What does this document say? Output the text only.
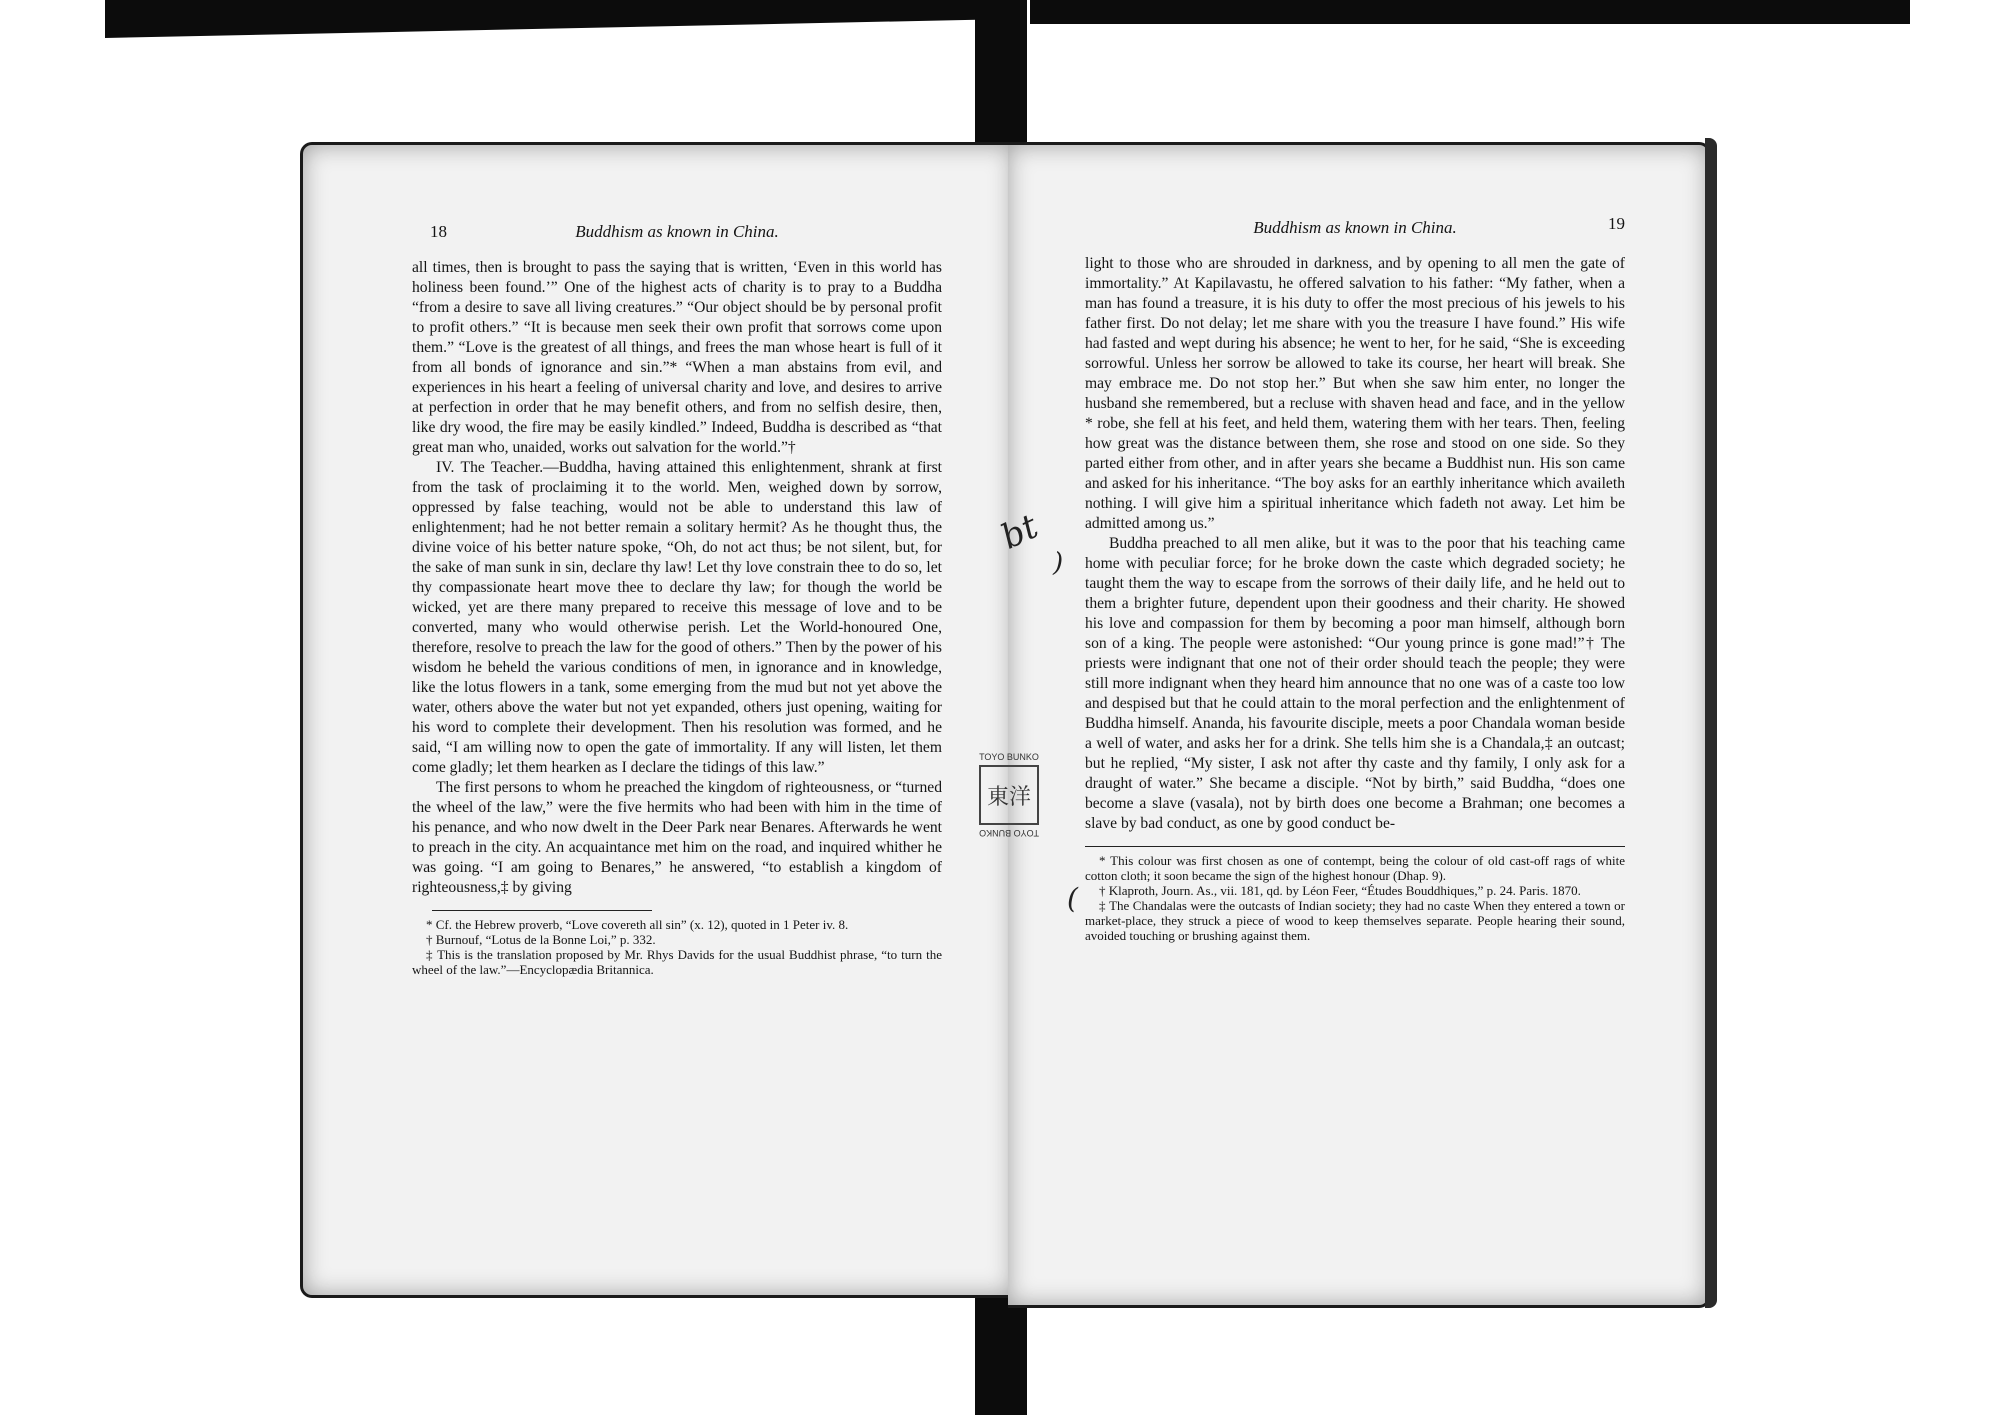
18	Buddhism as known in China.

all times, then is brought to pass the saying that is written, ‘Even in this world has holiness been found.’” One of the highest acts of charity is to pray to a Buddha “from a desire to save all living creatures.” “Our object should be by personal profit to profit others.” “It is because men seek their own profit that sorrows come upon them.” “Love is the greatest of all things, and frees the man whose heart is full of it from all bonds of ignorance and sin.”* “When a man abstains from evil, and experiences in his heart a feeling of universal charity and love, and desires to arrive at perfection in order that he may benefit others, and from no selfish desire, then, like dry wood, the fire may be easily kindled.” Indeed, Buddha is described as “that great man who, unaided, works out salvation for the world.”†

IV. The Teacher.—Buddha, having attained this enlightenment, shrank at first from the task of proclaiming it to the world. Men, weighed down by sorrow, oppressed by false teaching, would not be able to understand this law of enlightenment; had he not better remain a solitary hermit? As he thought thus, the divine voice of his better nature spoke, “Oh, do not act thus; be not silent, but, for the sake of man sunk in sin, declare thy law! Let thy love constrain thee to do so, let thy compassionate heart move thee to declare thy law; for though the world be wicked, yet are there many prepared to receive this message of love and to be converted, many who would otherwise perish. Let the World-honoured One, therefore, resolve to preach the law for the good of others.” Then by the power of his wisdom he beheld the various conditions of men, in ignorance and in knowledge, like the lotus flowers in a tank, some emerging from the mud but not yet above the water, others above the water but not yet expanded, others just opening, waiting for his word to complete their development. Then his resolution was formed, and he said, “I am willing now to open the gate of immortality. If any will listen, let them come gladly; let them hearken as I declare the tidings of this law.”

The first persons to whom he preached the kingdom of righteousness, or “turned the wheel of the law,” were the five hermits who had been with him in the time of his penance, and who now dwelt in the Deer Park near Benares. Afterwards he went to preach in the city. An acquaintance met him on the road, and inquired whither he was going. “I am going to Benares,” he answered, “to establish a kingdom of righteousness,‡ by giving

* Cf. the Hebrew proverb, “Love covereth all sin” (x. 12), quoted in 1 Peter iv. 8.

† Burnouf, “Lotus de la Bonne Loi,” p. 332.

‡ This is the translation proposed by Mr. Rhys Davids for the usual Buddhist phrase, “to turn the wheel of the law.”—Encyclopædia Britannica.

Buddhism as known in China.	19

light to those who are shrouded in darkness, and by opening to all men the gate of immortality.” At Kapilavastu, he offered salvation to his father: “My father, when a man has found a treasure, it is his duty to offer the most precious of his jewels to his father first. Do not delay; let me share with you the treasure I have found.” His wife had fasted and wept during his absence; he went to her, for he said, “She is exceeding sorrowful. Unless her sorrow be allowed to take its course, her heart will break. She may embrace me. Do not stop her.” But when she saw him enter, no longer the husband she remembered, but a recluse with shaven head and face, and in the yellow * robe, she fell at his feet, and held them, watering them with her tears. Then, feeling how great was the distance between them, she rose and stood on one side. So they parted either from other, and in after years she became a Buddhist nun. His son came and asked for his inheritance. “The boy asks for an earthly inheritance which availeth nothing. I will give him a spiritual inheritance which fadeth not away. Let him be admitted among us.”

Buddha preached to all men alike, but it was to the poor that his teaching came home with peculiar force; for he broke down the caste which degraded society; he taught them the way to escape from the sorrows of their daily life, and he held out to them a brighter future, dependent upon their goodness and their charity. He showed his love and compassion for them by becoming a poor man himself, although born son of a king. The people were astonished: “Our young prince is gone mad!”† The priests were indignant that one not of their order should teach the people; they were still more indignant when they heard him announce that no one was of a caste too low and despised but that he could attain to the moral perfection and the enlightenment of Buddha himself. Ananda, his favourite disciple, meets a poor Chandala woman beside a well of water, and asks her for a drink. She tells him she is a Chandala,‡ an outcast; but he replied, “My sister, I ask not after thy caste and thy family, I only ask for a draught of water.” She became a disciple. “Not by birth,” said Buddha, “does one become a slave (vasala), not by birth does one become a Brahman; one becomes a slave by bad conduct, as one by good conduct be-

* This colour was first chosen as one of contempt, being the colour of old cast-off rags of white cotton cloth; it soon became the sign of the highest honour (Dhap. 9).

† Klaproth, Journ. As., vii. 181, qd. by Léon Feer, “Études Bouddhiques,” p. 24. Paris. 1870.

‡ The Chandalas were the outcasts of Indian society; they had no caste When they entered a town or market-place, they struck a piece of wood to keep themselves separate. People hearing their sound, avoided touching or brushing against them.

TOYO BUNKO
東洋
TOYO BUNKO
bt
)
(
